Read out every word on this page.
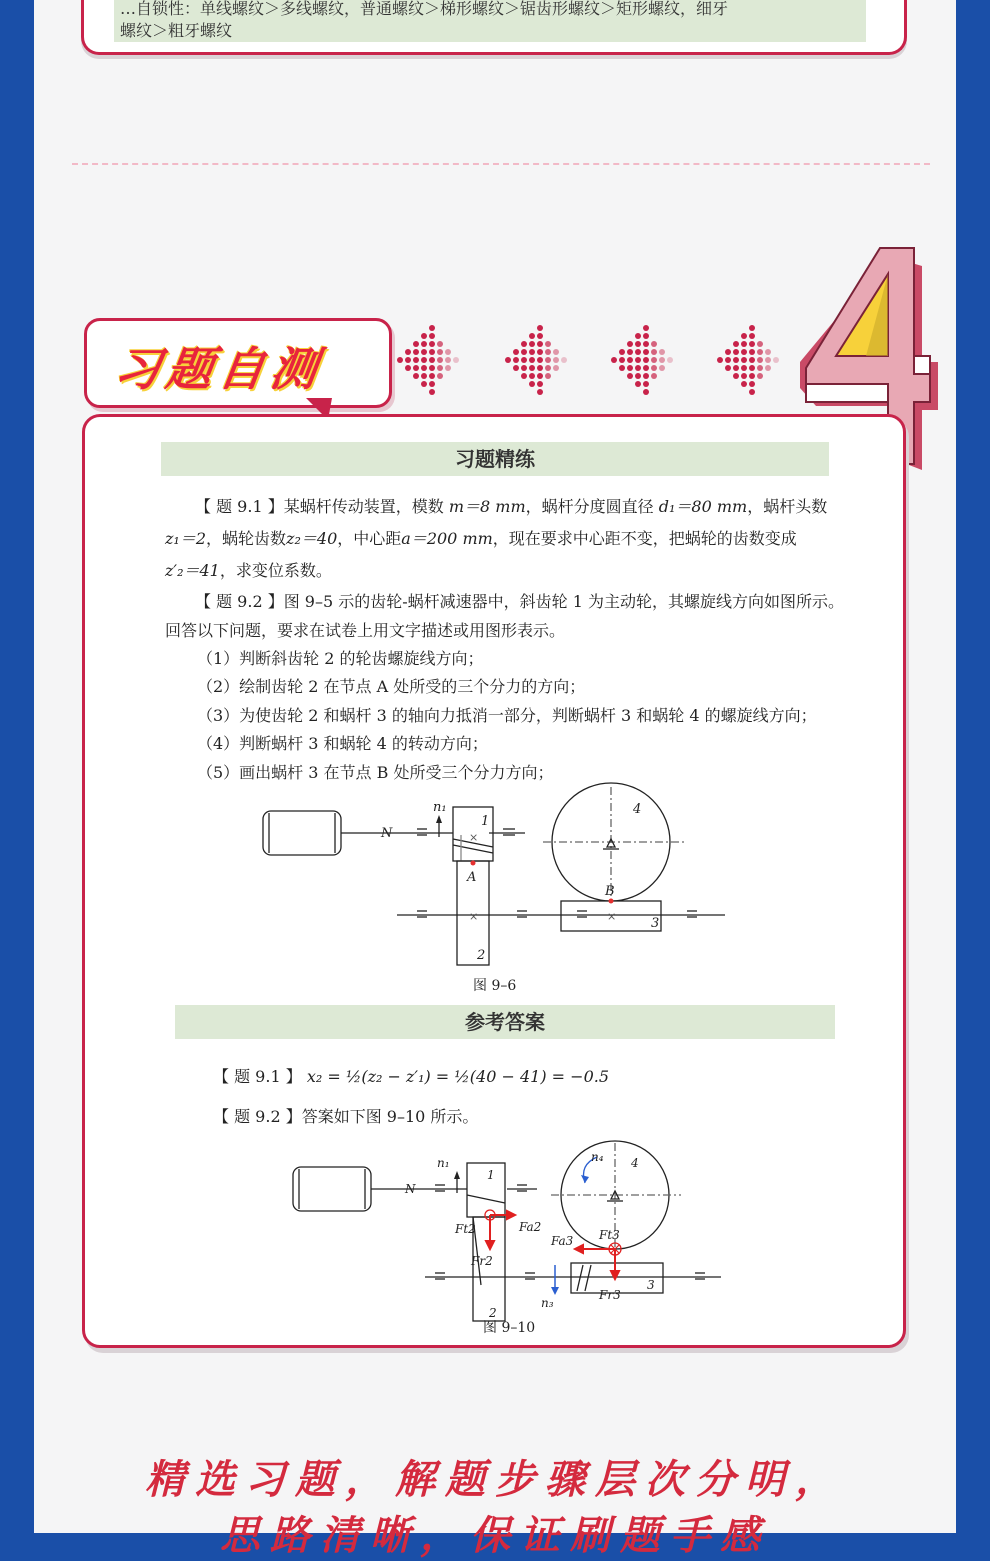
…自锁性：单线螺纹＞多线螺纹，普通螺纹＞梯形螺纹＞锯齿形螺纹＞矩形螺纹，细牙
螺纹＞粗牙螺纹
习题自测
习题精练
【 题 9.1 】某蜗杆传动装置，模数 m＝8 mm，蜗杆分度圆直径 d₁＝80 mm，蜗杆头数
z₁＝2，蜗轮齿数z₂＝40，中心距a＝200 mm，现在要求中心距不变，把蜗轮的齿数变成
z′₂＝41，求变位系数。
【 题 9.2 】图 9–5 示的齿轮-蜗杆减速器中，斜齿轮 1 为主动轮，其螺旋线方向如图所示。
回答以下问题，要求在试卷上用文字描述或用图形表示。
（1）判断斜齿轮 2 的轮齿螺旋线方向；
（2）绘制齿轮 2 在节点 A 处所受的三个分力的方向；
（3）为使齿轮 2 和蜗杆 3 的轴向力抵消一部分，判断蜗杆 3 和蜗轮 4 的螺旋线方向；
（4）判断蜗杆 3 和蜗轮 4 的转动方向；
（5）画出蜗杆 3 在节点 B 处所受三个分力方向；
n₁
1
A
2
4
B
3
N	×
×	×
图 9–6
参考答案
【 题 9.1 】 x₂ = ½(z₂ − z′₁) = ½(40 − 41) = −0.5
【 题 9.2 】答案如下图 9–10 所示。
n₁
1
Ft2	Fa2
Fr2
2
n₄ 4
Fa3 Ft3
Fr3
3
n₃
N
图 9–10
精选习题，解题步骤层次分明，
思路清晰，保证刷题手感
